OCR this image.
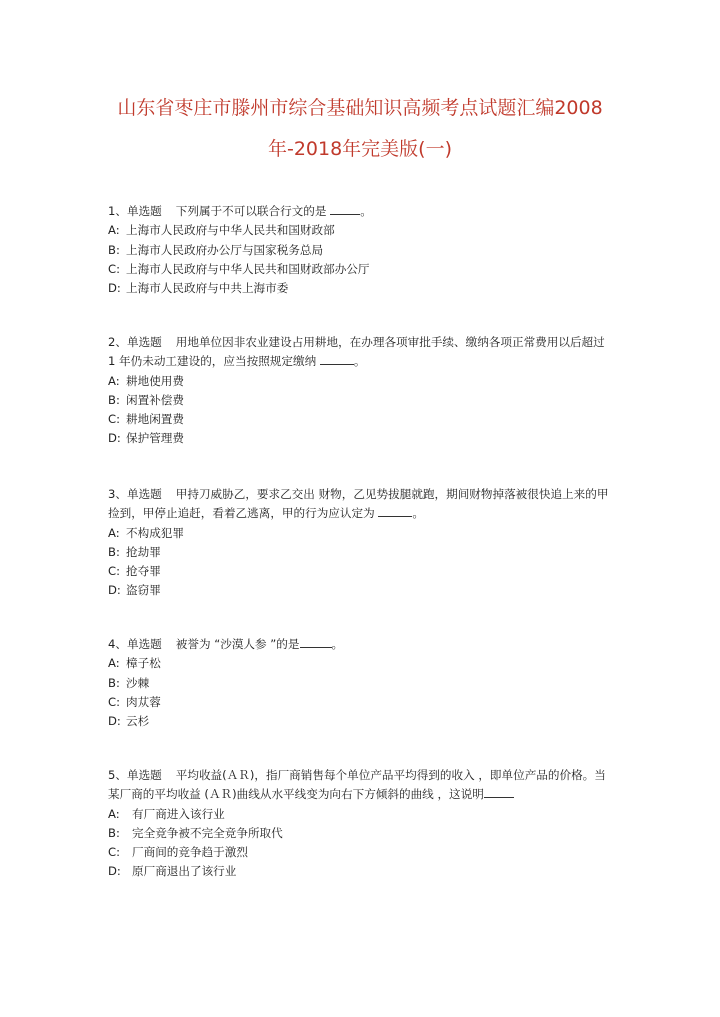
山东省枣庄市滕州市综合基础知识高频考点试题汇编2008年-2018年完美版(一)
1、单选题 下列属于不可以联合行文的是	。
A: 上海市人民政府与中华人民共和国财政部
B: 上海市人民政府办公厅与国家税务总局
C: 上海市人民政府与中华人民共和国财政部办公厅
D: 上海市人民政府与中共上海市委
2、单选题 用地单位因非农业建设占用耕地，在办理各项审批手续、缴纳各项正常费用以后超过 1 年仍未动工建设的，应当按照规定缴纳	。
A: 耕地使用费
B: 闲置补偿费
C: 耕地闲置费
D: 保护管理费
3、单选题 甲持刀威胁乙，要求乙交出 财物，乙见势拔腿就跑，期间财物掉落被很快追上来的甲捡到，甲停止追赶，看着乙逃离，甲的行为应认定为	。
A: 不构成犯罪
B: 抢劫罪
C: 抢夺罪
D: 盗窃罪
4、单选题 被誉为 “沙漠人参 ”的是	。
A: 樟子松
B: 沙棘
C: 肉苁蓉
D: 云杉
5、单选题 平均收益(ＡＲ)，指厂商销售每个单位产品平均得到的收入 ，即单位产品的价格。当某厂商的平均收益 (ＡＲ)曲线从水平线变为向右下方倾斜的曲线 ，这说明
A: 有厂商进入该行业
B: 完全竞争被不完全竞争所取代
C: 厂商间的竞争趋于激烈
D: 原厂商退出了该行业
